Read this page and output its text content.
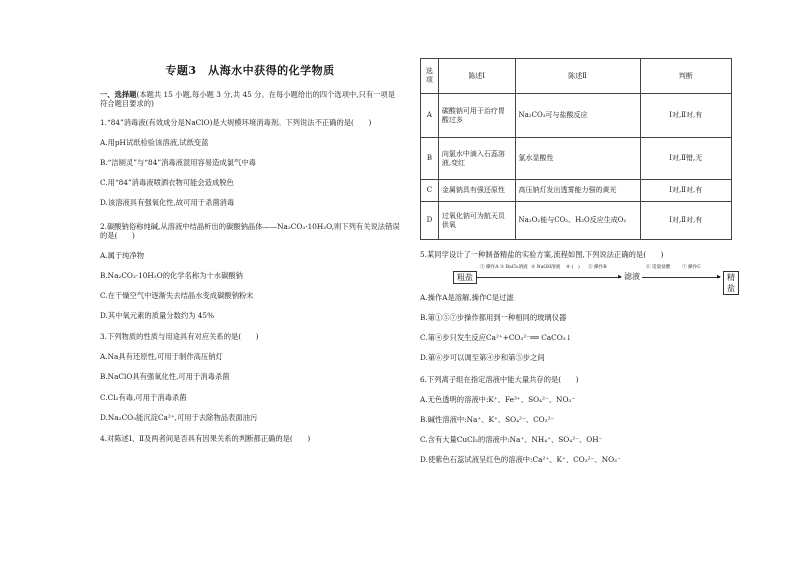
专题3　从海水中获得的化学物质
一、选择题(本题共 15 小题,每小题 3 分,共 45 分。在每小题给出的四个选项中,只有一项是符合题目要求的)
1.“84”消毒液(有效成分是NaClO)是大规模环境消毒剂。下列说法不正确的是(　　)
A.用pH试纸检验该溶液,试纸变蓝
B.“洁厕灵”与“84”消毒液混用容易造成氯气中毒
C.用“84”消毒液喷洒衣物可能会造成脱色
D.该溶液具有强氧化性,故可用于杀菌消毒
2.碳酸钠俗称纯碱,从溶液中结晶析出的碳酸钠晶体——Na₂CO₃·10H₂O,则下列有关说法错误的是(　　)
A.属于纯净物
B.Na₂CO₃·10H₂O的化学名称为十水碳酸钠
C.在干燥空气中逐渐失去结晶水变成碳酸钠粉末
D.其中氧元素的质量分数约为 45%
3.下列物质的性质与用途具有对应关系的是(　　)
A.Na具有还原性,可用于制作高压钠灯
B.NaClO具有强氧化性,可用于消毒杀菌
C.Cl₂有毒,可用于消毒杀菌
D.Na₂CO₃能沉淀Ca²⁺,可用于去除物品表面油污
4.对陈述Ⅰ、Ⅱ及两者间是否具有因果关系的判断都正确的是(　　)
选项	陈述Ⅰ	陈述Ⅱ	判断
A	碳酸钠可用于治疗胃酸过多	Na₂CO₃可与盐酸反应	Ⅰ对,Ⅱ对,有
B	向氯水中滴入石蕊溶液,变红	氯水显酸性	Ⅰ对,Ⅱ错,无
C	金属钠具有强还原性	高压钠灯发出透雾能力强的黄光	Ⅰ对,Ⅱ对,有
D	过氧化钠可为航天员供氧	Na₂O₂能与CO₂、H₂O反应生成O₂	Ⅰ对,Ⅱ对,有
5.某同学设计了一种制备精盐的实验方案,流程如图,下列说法正确的是(　　)
粗盐
① 操作A ② BaCl₂溶液 ③ NaOH溶液 ④ (　) ⑤ 操作B
▶ 滤液
⑥ 适量盐酸	⑦ 操作C
▶ 精盐
A.操作A是溶解,操作C是过滤
B.第①⑤⑦步操作都用到一种相同的玻璃仪器
C.第④步只发生反应Ca²⁺+CO₃²⁻══ CaCO₃↓
D.第⑥步可以调至第④步和第⑤步之间
6.下列离子组在指定溶液中能大量共存的是(　　)
A.无色透明的溶液中:K⁺、Fe³⁺、SO₄²⁻、NO₃⁻
B.碱性溶液中:Na⁺、K⁺、SO₄²⁻、CO₃²⁻
C.含有大量CuCl₂的溶液中:Na⁺、NH₄⁺、SO₄²⁻、OH⁻
D.使紫色石蕊试液呈红色的溶液中:Ca²⁺、K⁺、CO₃²⁻、NO₃⁻
